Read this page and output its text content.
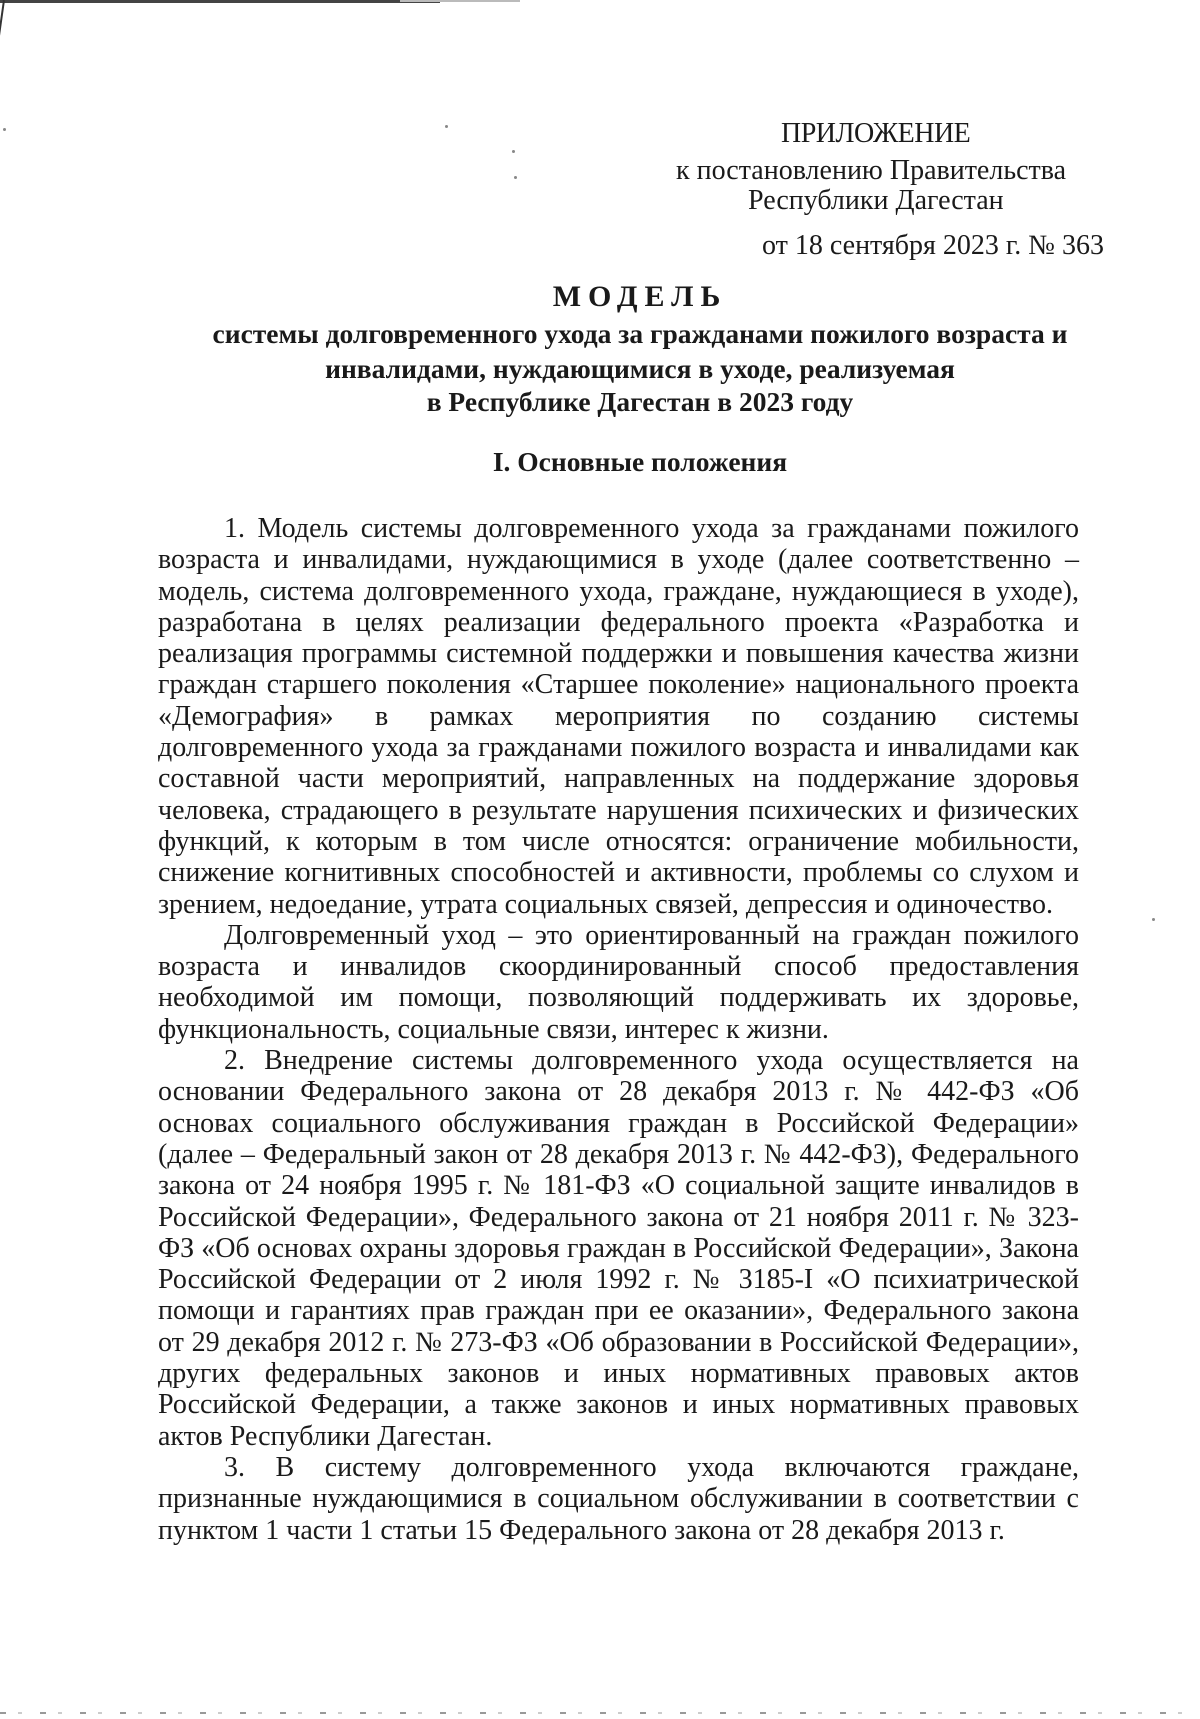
ПРИЛОЖЕНИЕ
к постановлению Правительства
Республики Дагестан
от 18 сентября 2023 г. № 363
МОДЕЛЬ
системы долговременного ухода за гражданами пожилого возраста и
инвалидами, нуждающимися в уходе, реализуемая
в Республике Дагестан в 2023 году
I. Основные положения

1. Модель системы долговременного ухода за гражданами пожилого возраста и инвалидами, нуждающимися в уходе (далее соответственно – модель, система долговременного ухода, граждане, нуждающиеся в уходе), разработана в целях реализации федерального проекта «Разработка и реализация программы системной поддержки и повышения качества жизни граждан старшего поколения «Старшее поколение» национального проекта «Демография» в рамках мероприятия по созданию системы долговременного ухода за гражданами пожилого возраста и инвалидами как составной части мероприятий, направленных на поддержание здоровья человека, страдающего в результате нарушения психических и физических функций, к которым в том числе относятся: ограничение мобильности, снижение когнитивных способностей и активности, проблемы со слухом и зрением, недоедание, утрата социальных связей, депрессия и одиночество.

Долговременный уход – это ориентированный на граждан пожилого возраста и инвалидов скоординированный способ предоставления необходимой им помощи, позволяющий поддерживать их здоровье, функциональность, социальные связи, интерес к жизни.

2. Внедрение системы долговременного ухода осуществляется на основании Федерального закона от 28 декабря 2013 г. № 442-ФЗ «Об основах социального обслуживания граждан в Российской Федерации» (далее – Федеральный закон от 28 декабря 2013 г. № 442-ФЗ), Федерального закона от 24 ноября 1995 г. № 181-ФЗ «О социальной защите инвалидов в Российской Федерации», Федерального закона от 21 ноября 2011 г. № 323-ФЗ «Об основах охраны здоровья граждан в Российской Федерации», Закона Российской Федерации от 2 июля 1992 г. № 3185-I «О психиатрической помощи и гарантиях прав граждан при ее оказании», Федерального закона от 29 декабря 2012 г. № 273-ФЗ «Об образовании в Российской Федерации», других федеральных законов и иных нормативных правовых актов Российской Федерации, а также законов и иных нормативных правовых актов Республики Дагестан.

3. В систему долговременного ухода включаются граждане, признанные нуждающимися в социальном обслуживании в соответствии с пунктом 1 части 1 статьи 15 Федерального закона от 28 декабря 2013 г.
